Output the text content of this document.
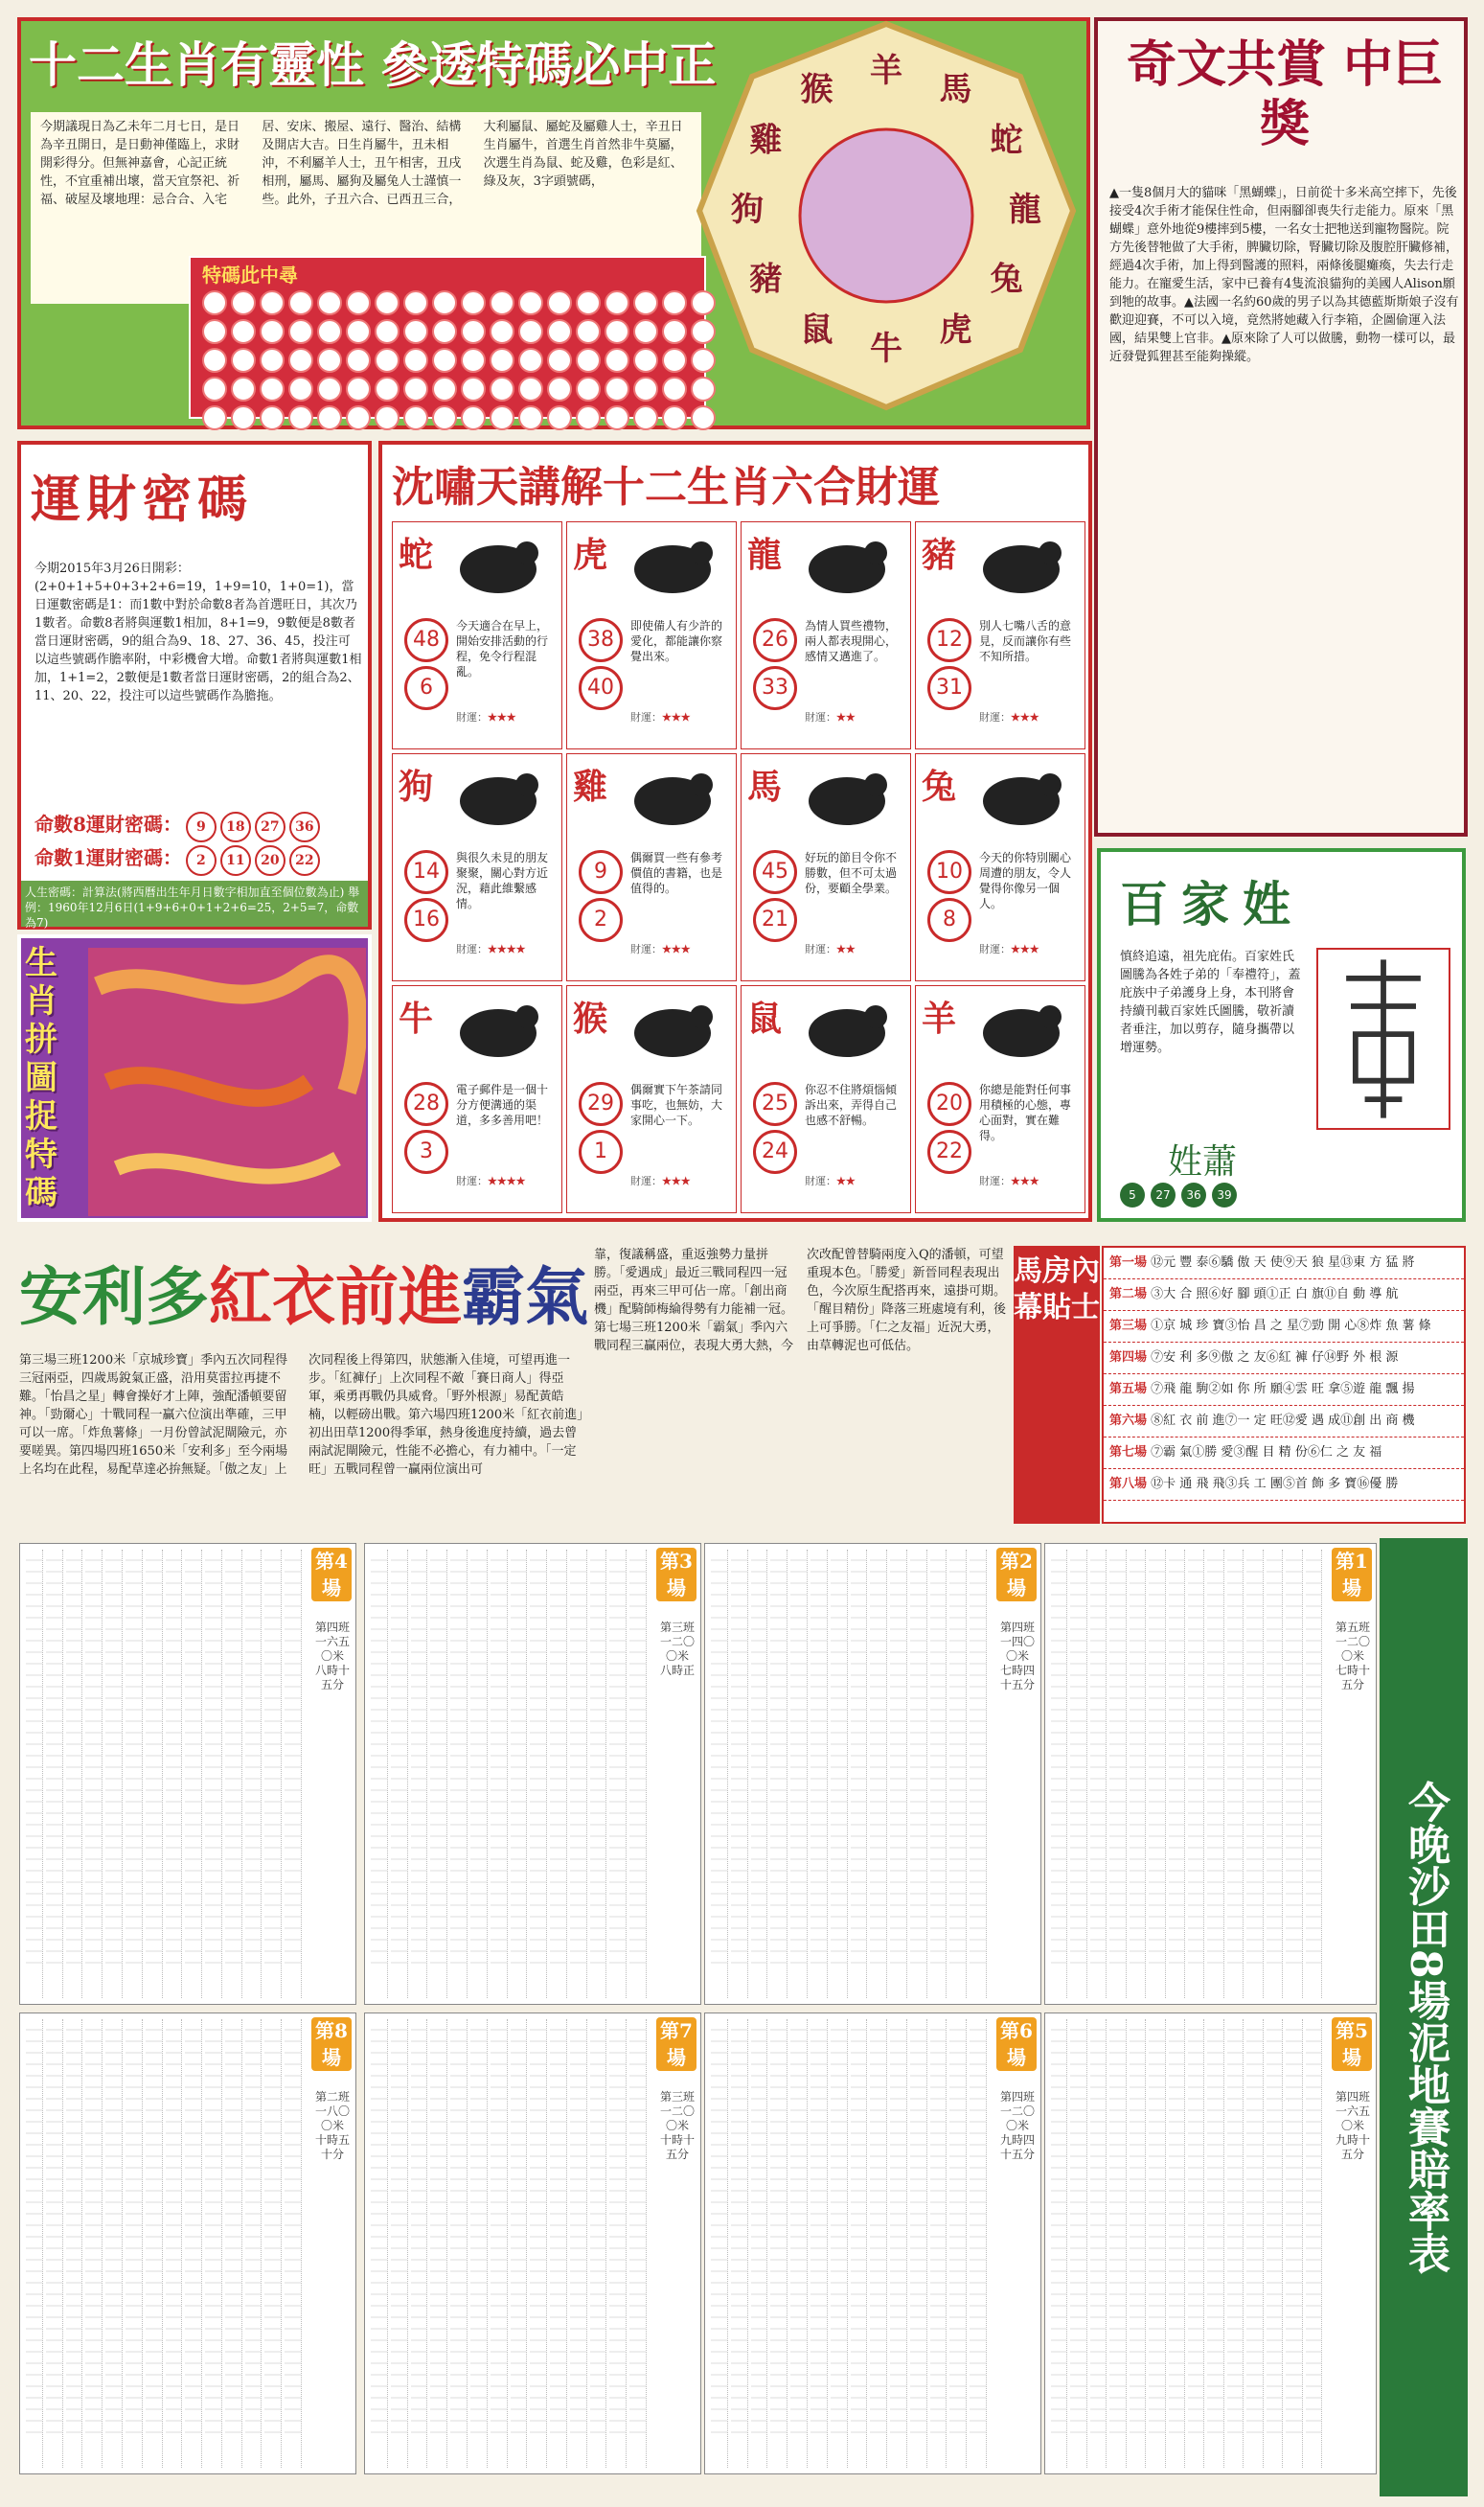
十二生肖有靈性 參透特碼必中正
今期議現日為乙未年二月七日，是日為辛丑開日，是日動神僅臨上，求財開彩得分。但無神嘉會，心記正統性，不宜重補出壞，當天宜祭祀、祈福、破屋及壞地理：忌合合、入宅居、安床、搬屋、遠行、醫治、結構及開店大吉。日生肖屬牛，丑未相沖，不利屬羊人士，丑午相害，丑戌相刑，屬馬、屬狗及屬兔人士謹慎一些。此外，子丑六合、已西丑三合，大利屬鼠、屬蛇及屬雞人士，辛丑日生肖屬牛，首選生肖首然非牛莫屬，次選生肖為鼠、蛇及雞，色彩是紅、綠及灰，3字頭號碼，
特碼此中尋
羊 馬
蛇
龍
兔
虎
牛
鼠
豬
狗
雞
猴	奇文共賞 中巨獎
▲一隻8個月大的貓咪「黑蝴蝶」，日前從十多米高空摔下，先後接受4次手術才能保住性命，但兩腳卻喪失行走能力。原來「黑蝴蝶」意外地從9樓摔到5樓，一名女士把牠送到寵物醫院。院方先後替牠做了大手術，脾臟切除，腎臟切除及腹腔肝臟修補，經過4次手術，加上得到醫護的照料，兩條後腿癱瘓，失去行走能力。在寵愛生活，家中已養有4隻流浪貓狗的美國人Alison願到牠的故事。▲法國一名約60歲的男子以為其德藍斯斯娘子沒有歡迎迎賽，不可以入境，竟然將她藏入行李箱，企圖偷運入法國，結果雙上官非。▲原來除了人可以做騰，動物一樣可以，最近發覺狐狸甚至能夠操縱。
運財密碼
今期2015年3月26日開彩：(2+0+1+5+0+3+2+6=19，1+9=10，1+0=1)，當日運數密碼是1：而1數中對於命數8者為首選旺日，其次乃1數者。命數8者將與運數1相加，8+1=9，9數便是8數者當日運財密碼，9的組合為9、18、27、36、45，投注可以這些號碼作膽率附，中彩機會大增。命數1者將與運數1相加，1+1=2，2數便是1數者當日運財密碼，2的組合為2、11、20、22，投注可以這些號碼作為膽拖。
命數8運財密碼： 9 18 27 36
命數1運財密碼： 2 11 20 22
人生密碼：計算法(將西曆出生年月日數字相加直至個位數為止) 舉例：1960年12月6日(1+9+6+0+1+2+6=25，2+5=7，命數為7)
生肖拼圖捉特碼
沈嘯天講解十二生肖六合財運
蛇
48
6
今天適合在早上，開始安排活動的行程，免令行程混亂。
財運：★★★
虎
38
40
即使備人有少許的愛化，都能讓你察覺出來。
財運：★★★
龍
26
33
為情人買些禮物，兩人都表現開心，感情又邁進了。
財運：★★
豬
12
31
別人七嘴八舌的意見，反而讓你有些不知所措。
財運：★★★
狗
14
16
與很久未見的朋友聚聚，關心對方近況，藉此維繫感情。
財運：★★★★
雞
9
2
偶爾買一些有參考價值的書籍，也是值得的。
財運：★★★
馬
45
21
好玩的節目令你不勝數，但不可太過份，要顧全學業。
財運：★★
兔
10
8
今天的你特別關心周遭的朋友，令人覺得你像另一個人。
財運：★★★
牛
28
3
電子郵件是一個十分方便溝通的渠道，多多善用吧！
財運：★★★★
猴
29
1
偶爾實下午茶請同事吃，也無妨，大家開心一下。
財運：★★★
鼠
25
24
你忍不住將煩惱傾訴出來，弄得自己也感不舒暢。
財運：★★
羊
20
22
你總是能對任何事用積極的心態，專心面對，實在難得。
財運：★★★
百家姓
慎終追遠，祖先庇佑。百家姓氏圖騰為各姓子弟的「奉禮符」，蓋庇族中子弟護身上身，本刊將會持續刊載百家姓氏圖騰，敬祈讀者垂注，加以剪存，隨身攜帶以增運勢。
姓蕭
5 27 36 39
安利多紅衣前進霸氣
第三場三班1200米「京城珍寶」季內五次同程得三冠兩亞，四歲馬銳氣正盛，沿用莫雷拉再捷不難。「怡昌之星」轉會操好才上陣，強配潘頓要留神。「勁爾心」十戰同程一贏六位演出準確，三甲可以一席。「炸魚薯條」一月份曾試泥閘險元，亦要嗟異。第四場四班1650米「安利多」至今兩場上名均在此程，易配草達必拚無疑。「傲之友」上次同程後上得第四，狀態漸入佳境，可望再進一步。「紅褲仔」上次同程不敵「賽日商人」得亞軍，乘勇再戰仍具威脅。「野外根源」易配黃皓楠，以輕磅出戰。第六場四班1200米「紅衣前進」初出田草1200得季軍，熱身後進度持續，過去曾兩試泥閘險元，性能不必擔心，有力補中。「一定旺」五戰同程曾一贏兩位演出可
靠，復議稱盛，重返強勢力量拼勝。「愛遇成」最近三戰同程四一冠兩亞，再來三甲可佔一席。「創出商機」配騎師梅綸得勢有力能補一冠。第七場三班1200米「霸氣」季內六戰同程三贏兩位，表現大勇大熱，今次改配曾替騎兩度入Q的潘頓，可望重現本色。「勝愛」新晉同程表現出色，今次原生配搭再來，遠掛可期。「醒目精份」降落三班處境有利，後上可爭勝。「仁之友福」近況大勇，由草轉泥也可低估。
馬房內幕貼士
第一場 ⑫元 豐 泰⑥驕 傲 天 使⑨天 狼 星⑬東 方 猛 將
第二場 ③大 合 照⑥好 腳 頭①正 白 旗⑪自 動 導 航
第三場 ①京 城 珍 寶③怡 昌 之 星⑦勁 開 心⑧炸 魚 薯 條
第四場 ⑦安 利 多⑨傲 之 友⑥紅 褲 仔⑭野 外 根 源
第五場 ⑦飛 龍 駒②如 你 所 願④雲 旺 拿⑤遊 龍 飄 揚
第六場 ⑧紅 衣 前 進⑦一 定 旺⑫愛 遇 成⑪創 出 商 機
第七場 ⑦霸 氣①勝 愛③醒 目 精 份⑥仁 之 友 福
第八場 ⑫卡 通 飛 飛③兵 工 團⑤首 飾 多 寶⑯優 勝
第4場
第四班
一六五〇米
八時十五分
第3場
第三班
一二〇〇米
八時正
第2場
第四班
一四〇〇米
七時四十五分
第1場
第五班
一二〇〇米
七時十五分
第8場
第二班
一八〇〇米
十時五十分
第7場
第三班
一二〇〇米
十時十五分
第6場
第四班
一二〇〇米
九時四十五分
第5場
第四班
一六五〇米
九時十五分 今晚沙田8場泥地賽賠率表
